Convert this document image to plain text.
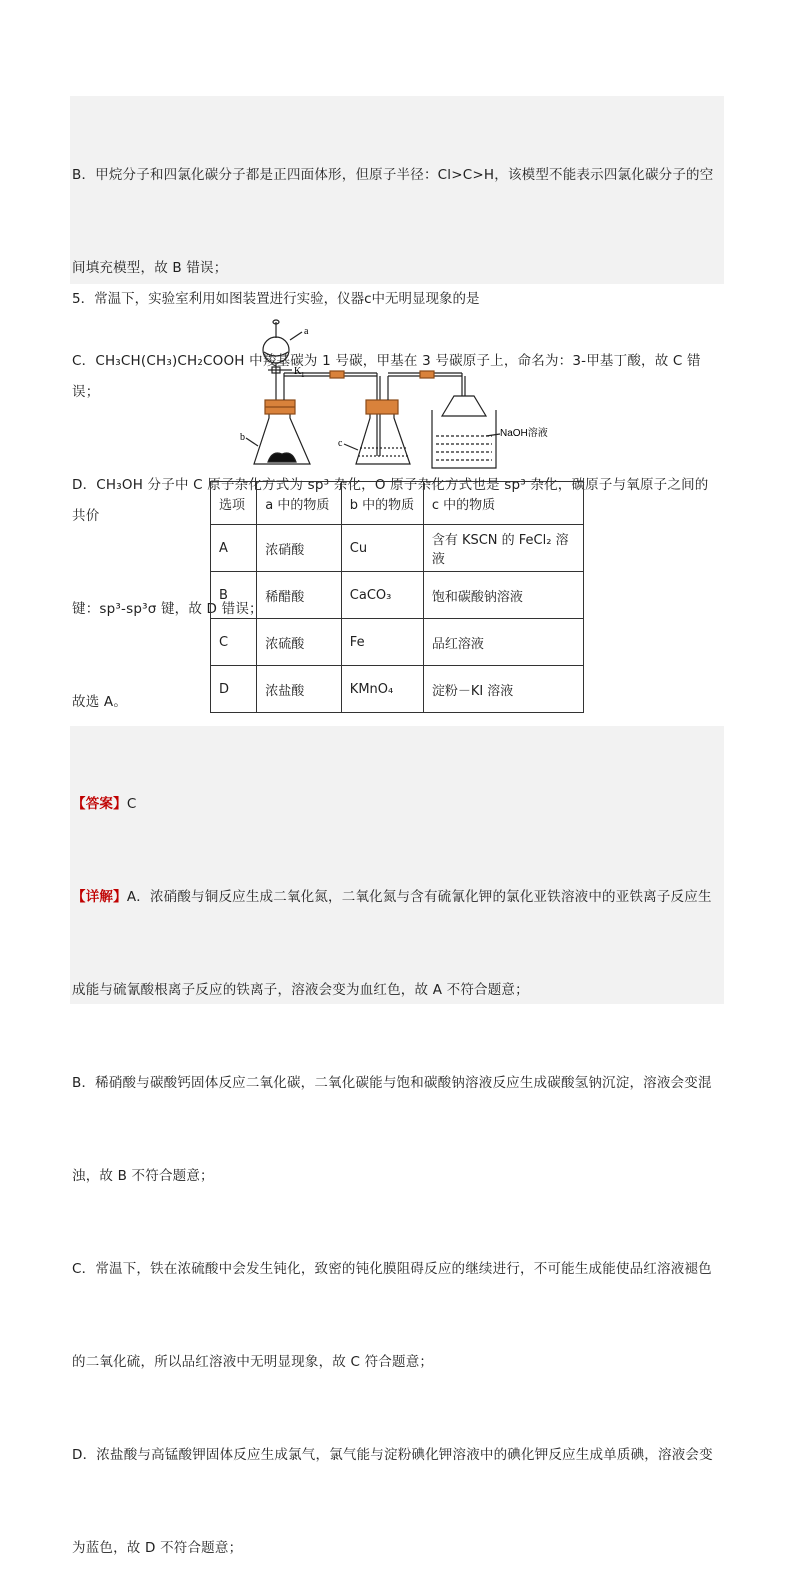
B．甲烷分子和四氯化碳分子都是正四面体形，但原子半径：Cl>C>H，该模型不能表示四氯化碳分子的空

间填充模型，故 B 错误；

C．CH₃CH(CH₃)CH₂COOH 中羧基碳为 1 号碳，甲基在 3 号碳原子上，命名为：3-甲基丁酸，故 C 错误；

D．CH₃OH 分子中 C 原子杂化方式为 sp³ 杂化，O 原子杂化方式也是 sp³ 杂化，碳原子与氧原子之间的共价

键：sp³-sp³σ 键，故 D 错误；

故选 A。

5．常温下，实验室利用如图装置进行实验，仪器c中无明显现象的是
a
K 1
b
c
NaOH溶液
选项	a 中的物质	b 中的物质	c 中的物质
A	浓硝酸	Cu	含有 KSCN 的 FeCl₂ 溶液
B	稀醋酸	CaCO₃	饱和碳酸钠溶液
C	浓硫酸	Fe	品红溶液
D	浓盐酸	KMnO₄	淀粉－KI 溶液

【答案】C

【详解】A．浓硝酸与铜反应生成二氧化氮，二氧化氮与含有硫氰化钾的氯化亚铁溶液中的亚铁离子反应生

成能与硫氰酸根离子反应的铁离子，溶液会变为血红色，故 A 不符合题意；

B．稀硝酸与碳酸钙固体反应二氧化碳，二氧化碳能与饱和碳酸钠溶液反应生成碳酸氢钠沉淀，溶液会变混

浊，故 B 不符合题意；

C．常温下，铁在浓硫酸中会发生钝化，致密的钝化膜阻碍反应的继续进行，不可能生成能使品红溶液褪色

的二氧化硫，所以品红溶液中无明显现象，故 C 符合题意；

D．浓盐酸与高锰酸钾固体反应生成氯气，氯气能与淀粉碘化钾溶液中的碘化钾反应生成单质碘，溶液会变

为蓝色，故 D 不符合题意；
